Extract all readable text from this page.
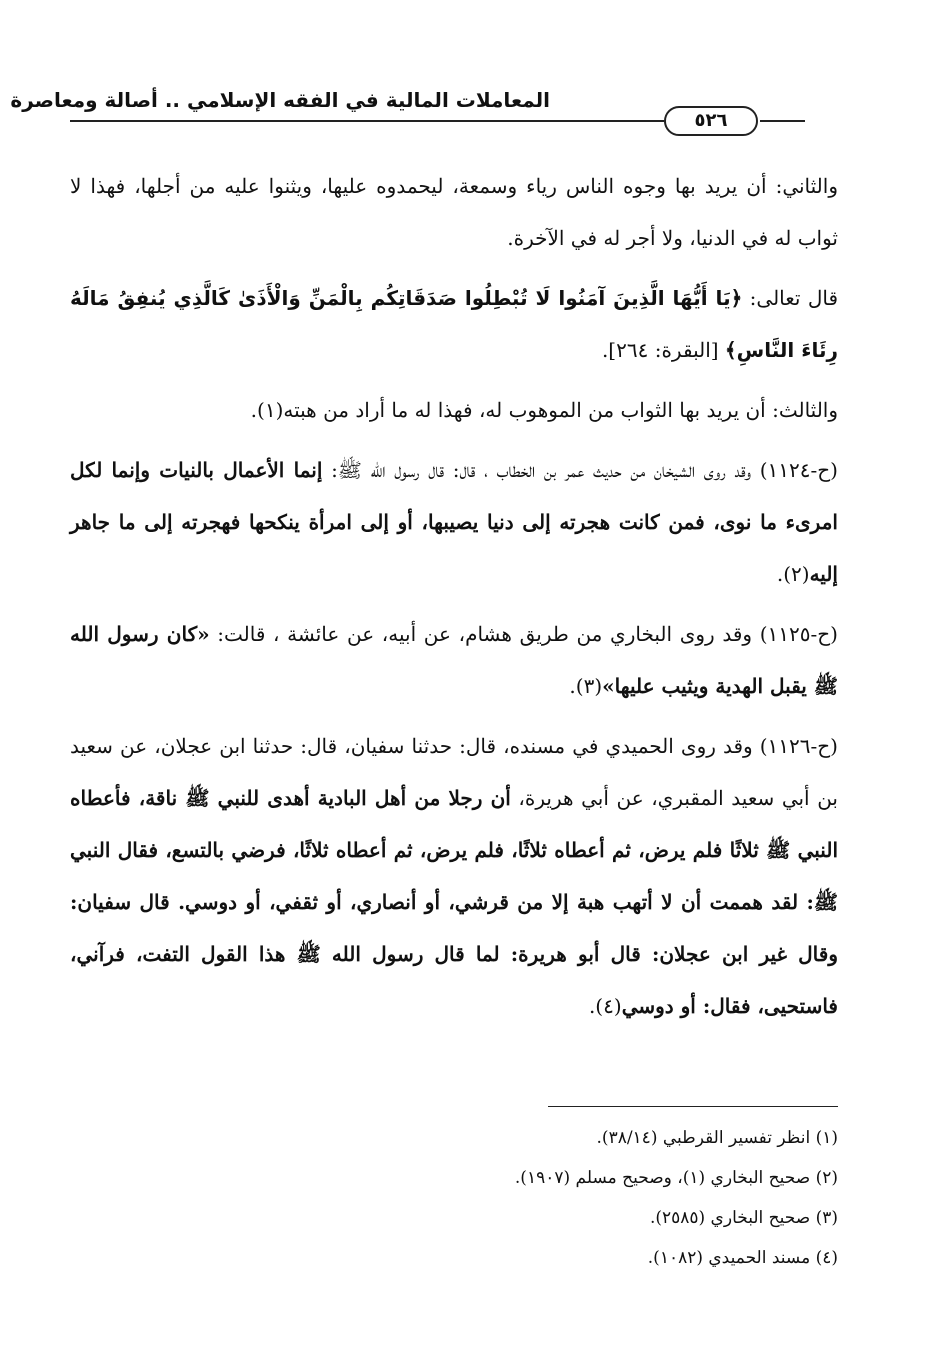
المعاملات المالية في الفقه الإسلامي .. أصالة ومعاصرة
٥٢٦

والثاني: أن يريد بها وجوه الناس رياء وسمعة، ليحمدوه عليها، ويثنوا عليه من أجلها، فهذا لا ثواب له في الدنيا، ولا أجر له في الآخرة.

قال تعالى: ﴿يَا أَيُّهَا الَّذِينَ آمَنُوا لَا تُبْطِلُوا صَدَقَاتِكُم بِالْمَنِّ وَالْأَذَىٰ كَالَّذِي يُنفِقُ مَالَهُ رِئَاءَ النَّاسِ﴾ [البقرة: ٢٦٤].

والثالث: أن يريد بها الثواب من الموهوب له، فهذا له ما أراد من هبته(١).

(ح-١١٢٤) وقد روى الشيخان من حديث عمر بن الخطاب ، قال: قال رسول الله ﷺ: إنما الأعمال بالنيات وإنما لكل امرىء ما نوى، فمن كانت هجرته إلى دنيا يصيبها، أو إلى امرأة ينكحها فهجرته إلى ما جاهر إليه(٢).

(ح-١١٢٥) وقد روى البخاري من طريق هشام، عن أبيه، عن عائشة ، قالت: «كان رسول الله ﷺ يقبل الهدية ويثيب عليها»(٣).

(ح-١١٢٦) وقد روى الحميدي في مسنده، قال: حدثنا سفيان، قال: حدثنا ابن عجلان، عن سعيد بن أبي سعيد المقبري، عن أبي هريرة، أن رجلا من أهل البادية أهدى للنبي ﷺ ناقة، فأعطاه النبي ﷺ ثلاثًا فلم يرض، ثم أعطاه ثلاثًا، فلم يرض، ثم أعطاه ثلاثًا، فرضي بالتسع، فقال النبي ﷺ: لقد هممت أن لا أتهب هبة إلا من قرشي، أو أنصاري، أو ثقفي، أو دوسي. قال سفيان: وقال غير ابن عجلان: قال أبو هريرة: لما قال رسول الله ﷺ هذا القول التفت، فرآني، فاستحيى، فقال: أو دوسي(٤).

(١) انظر تفسير القرطبي (٣٨/١٤).

(٢) صحيح البخاري (١)، وصحيح مسلم (١٩٠٧).

(٣) صحيح البخاري (٢٥٨٥).

(٤) مسند الحميدي (١٠٨٢).
